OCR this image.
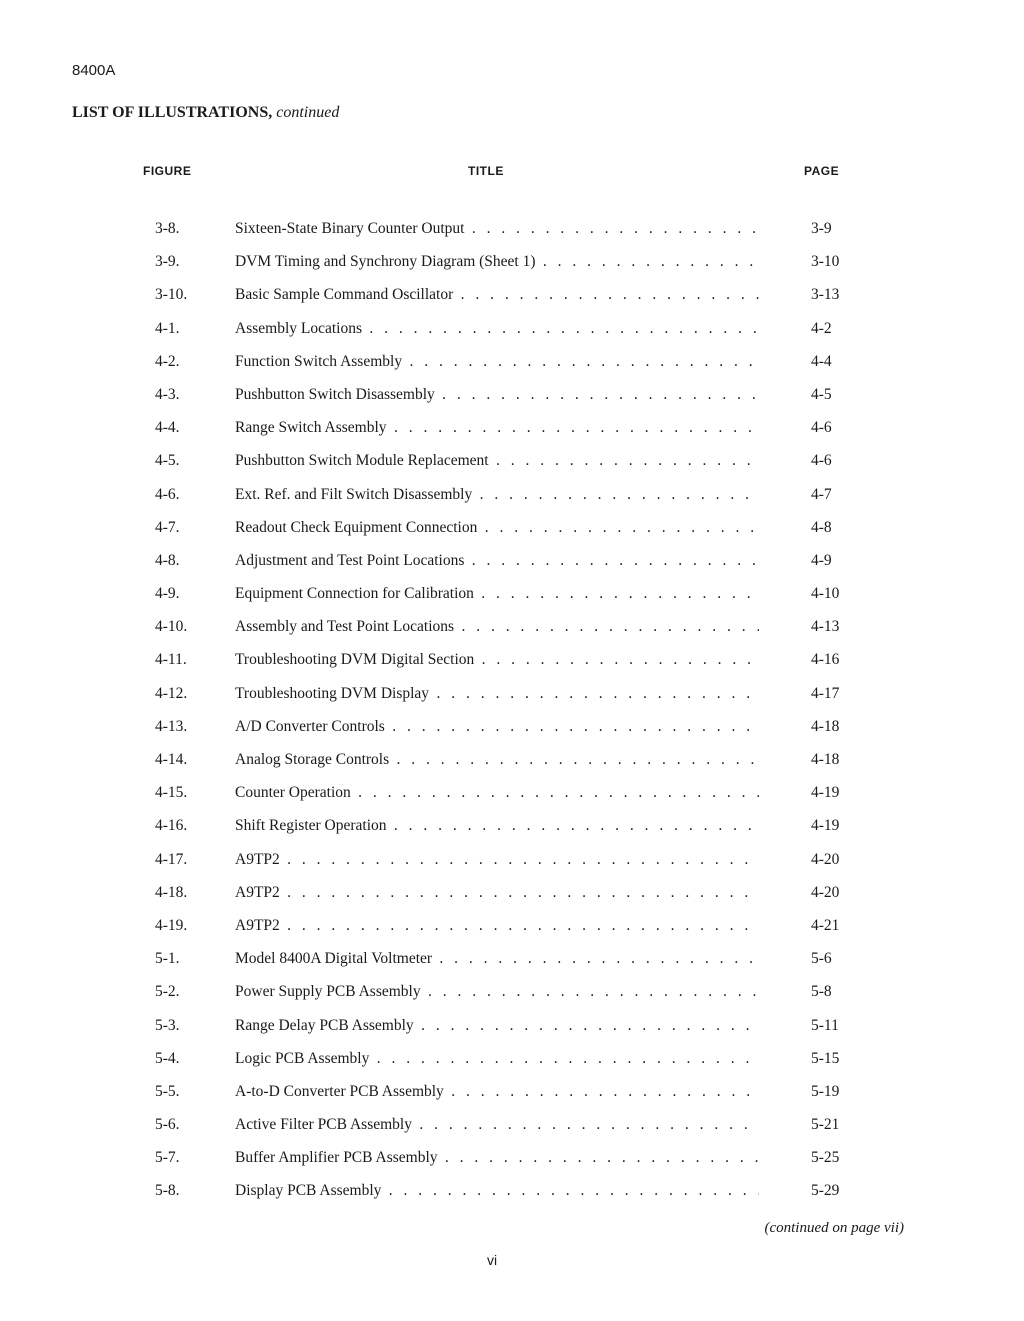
8400A
LIST OF ILLUSTRATIONS, continued
FIGURE	TITLE	PAGE
3-8.	Sixteen-State Binary Counter Output . . .	3-9
3-9.	DVM Timing and Synchrony Diagram (Sheet 1) . . .	3-10
3-10.	Basic Sample Command Oscillator . . .	3-13
4-1.	Assembly Locations . . .	4-2
4-2.	Function Switch Assembly . . .	4-4
4-3.	Pushbutton Switch Disassembly . . .	4-5
4-4.	Range Switch Assembly . . .	4-6
4-5.	Pushbutton Switch Module Replacement . . .	4-6
4-6.	Ext. Ref. and Filt Switch Disassembly . . .	4-7
4-7.	Readout Check Equipment Connection . . .	4-8
4-8.	Adjustment and Test Point Locations . . .	4-9
4-9.	Equipment Connection for Calibration . . .	4-10
4-10.	Assembly and Test Point Locations . . .	4-13
4-11.	Troubleshooting DVM Digital Section . . .	4-16
4-12.	Troubleshooting DVM Display . . .	4-17
4-13.	A/D Converter Controls . . .	4-18
4-14.	Analog Storage Controls . . .	4-18
4-15.	Counter Operation . . .	4-19
4-16.	Shift Register Operation . . .	4-19
4-17.	A9TP2 . . .	4-20
4-18.	A9TP2 . . .	4-20
4-19.	A9TP2 . . .	4-21
5-1.	Model 8400A Digital Voltmeter . . .	5-6
5-2.	Power Supply PCB Assembly . . .	5-8
5-3.	Range Delay PCB Assembly . . .	5-11
5-4.	Logic PCB Assembly . . .	5-15
5-5.	A-to-D Converter PCB Assembly . . .	5-19
5-6.	Active Filter PCB Assembly . . .	5-21
5-7.	Buffer Amplifier PCB Assembly . . .	5-25
5-8.	Display PCB Assembly . . .	5-29
(continued on page vii)
vi
